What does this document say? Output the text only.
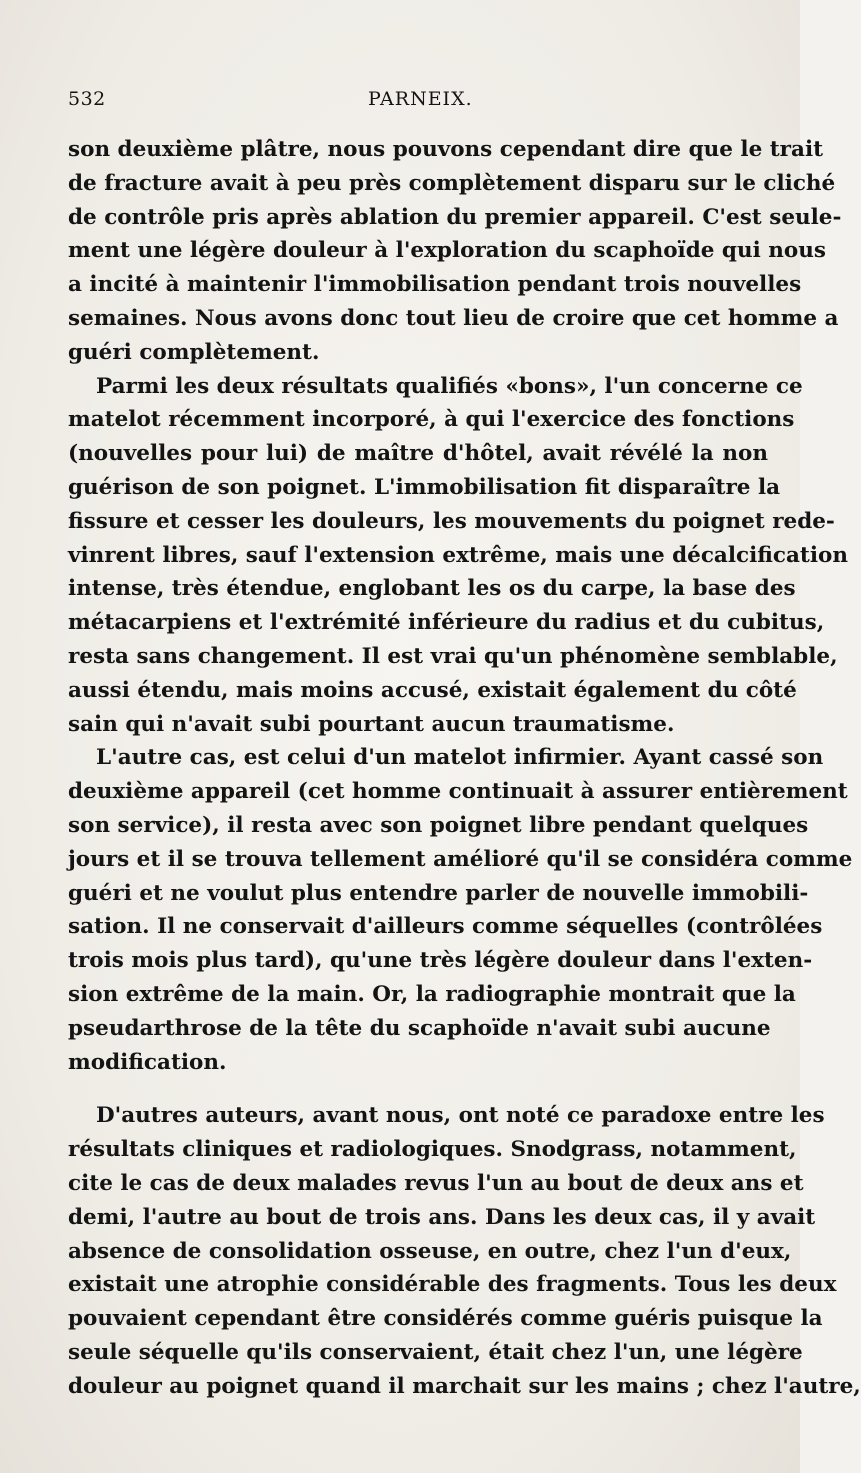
532	PARNEIX.
son deuxième plâtre, nous pouvons cependant dire que le trait
de fracture avait à peu près complètement disparu sur le cliché
de contrôle pris après ablation du premier appareil. C'est seule-
ment une légère douleur à l'exploration du scaphoïde qui nous
a incité à maintenir l'immobilisation pendant trois nouvelles
semaines. Nous avons donc tout lieu de croire que cet homme a
guéri complètement.
Parmi les deux résultats qualifiés «bons», l'un concerne ce
matelot récemment incorporé, à qui l'exercice des fonctions
(nouvelles pour lui) de maître d'hôtel, avait révélé la non
guérison de son poignet. L'immobilisation fit disparaître la
fissure et cesser les douleurs, les mouvements du poignet rede-
vinrent libres, sauf l'extension extrême, mais une décalcification
intense, très étendue, englobant les os du carpe, la base des
métacarpiens et l'extrémité inférieure du radius et du cubitus,
resta sans changement. Il est vrai qu'un phénomène semblable,
aussi étendu, mais moins accusé, existait également du côté
sain qui n'avait subi pourtant aucun traumatisme.
L'autre cas, est celui d'un matelot infirmier. Ayant cassé son
deuxième appareil (cet homme continuait à assurer entièrement
son service), il resta avec son poignet libre pendant quelques
jours et il se trouva tellement amélioré qu'il se considéra comme
guéri et ne voulut plus entendre parler de nouvelle immobili-
sation. Il ne conservait d'ailleurs comme séquelles (contrôlées
trois mois plus tard), qu'une très légère douleur dans l'exten-
sion extrême de la main. Or, la radiographie montrait que la
pseudarthrose de la tête du scaphoïde n'avait subi aucune
modification.
D'autres auteurs, avant nous, ont noté ce paradoxe entre les
résultats cliniques et radiologiques. Snodgrass, notamment,
cite le cas de deux malades revus l'un au bout de deux ans et
demi, l'autre au bout de trois ans. Dans les deux cas, il y avait
absence de consolidation osseuse, en outre, chez l'un d'eux,
existait une atrophie considérable des fragments. Tous les deux
pouvaient cependant être considérés comme guéris puisque la
seule séquelle qu'ils conservaient, était chez l'un, une légère
douleur au poignet quand il marchait sur les mains ; chez l'autre,
